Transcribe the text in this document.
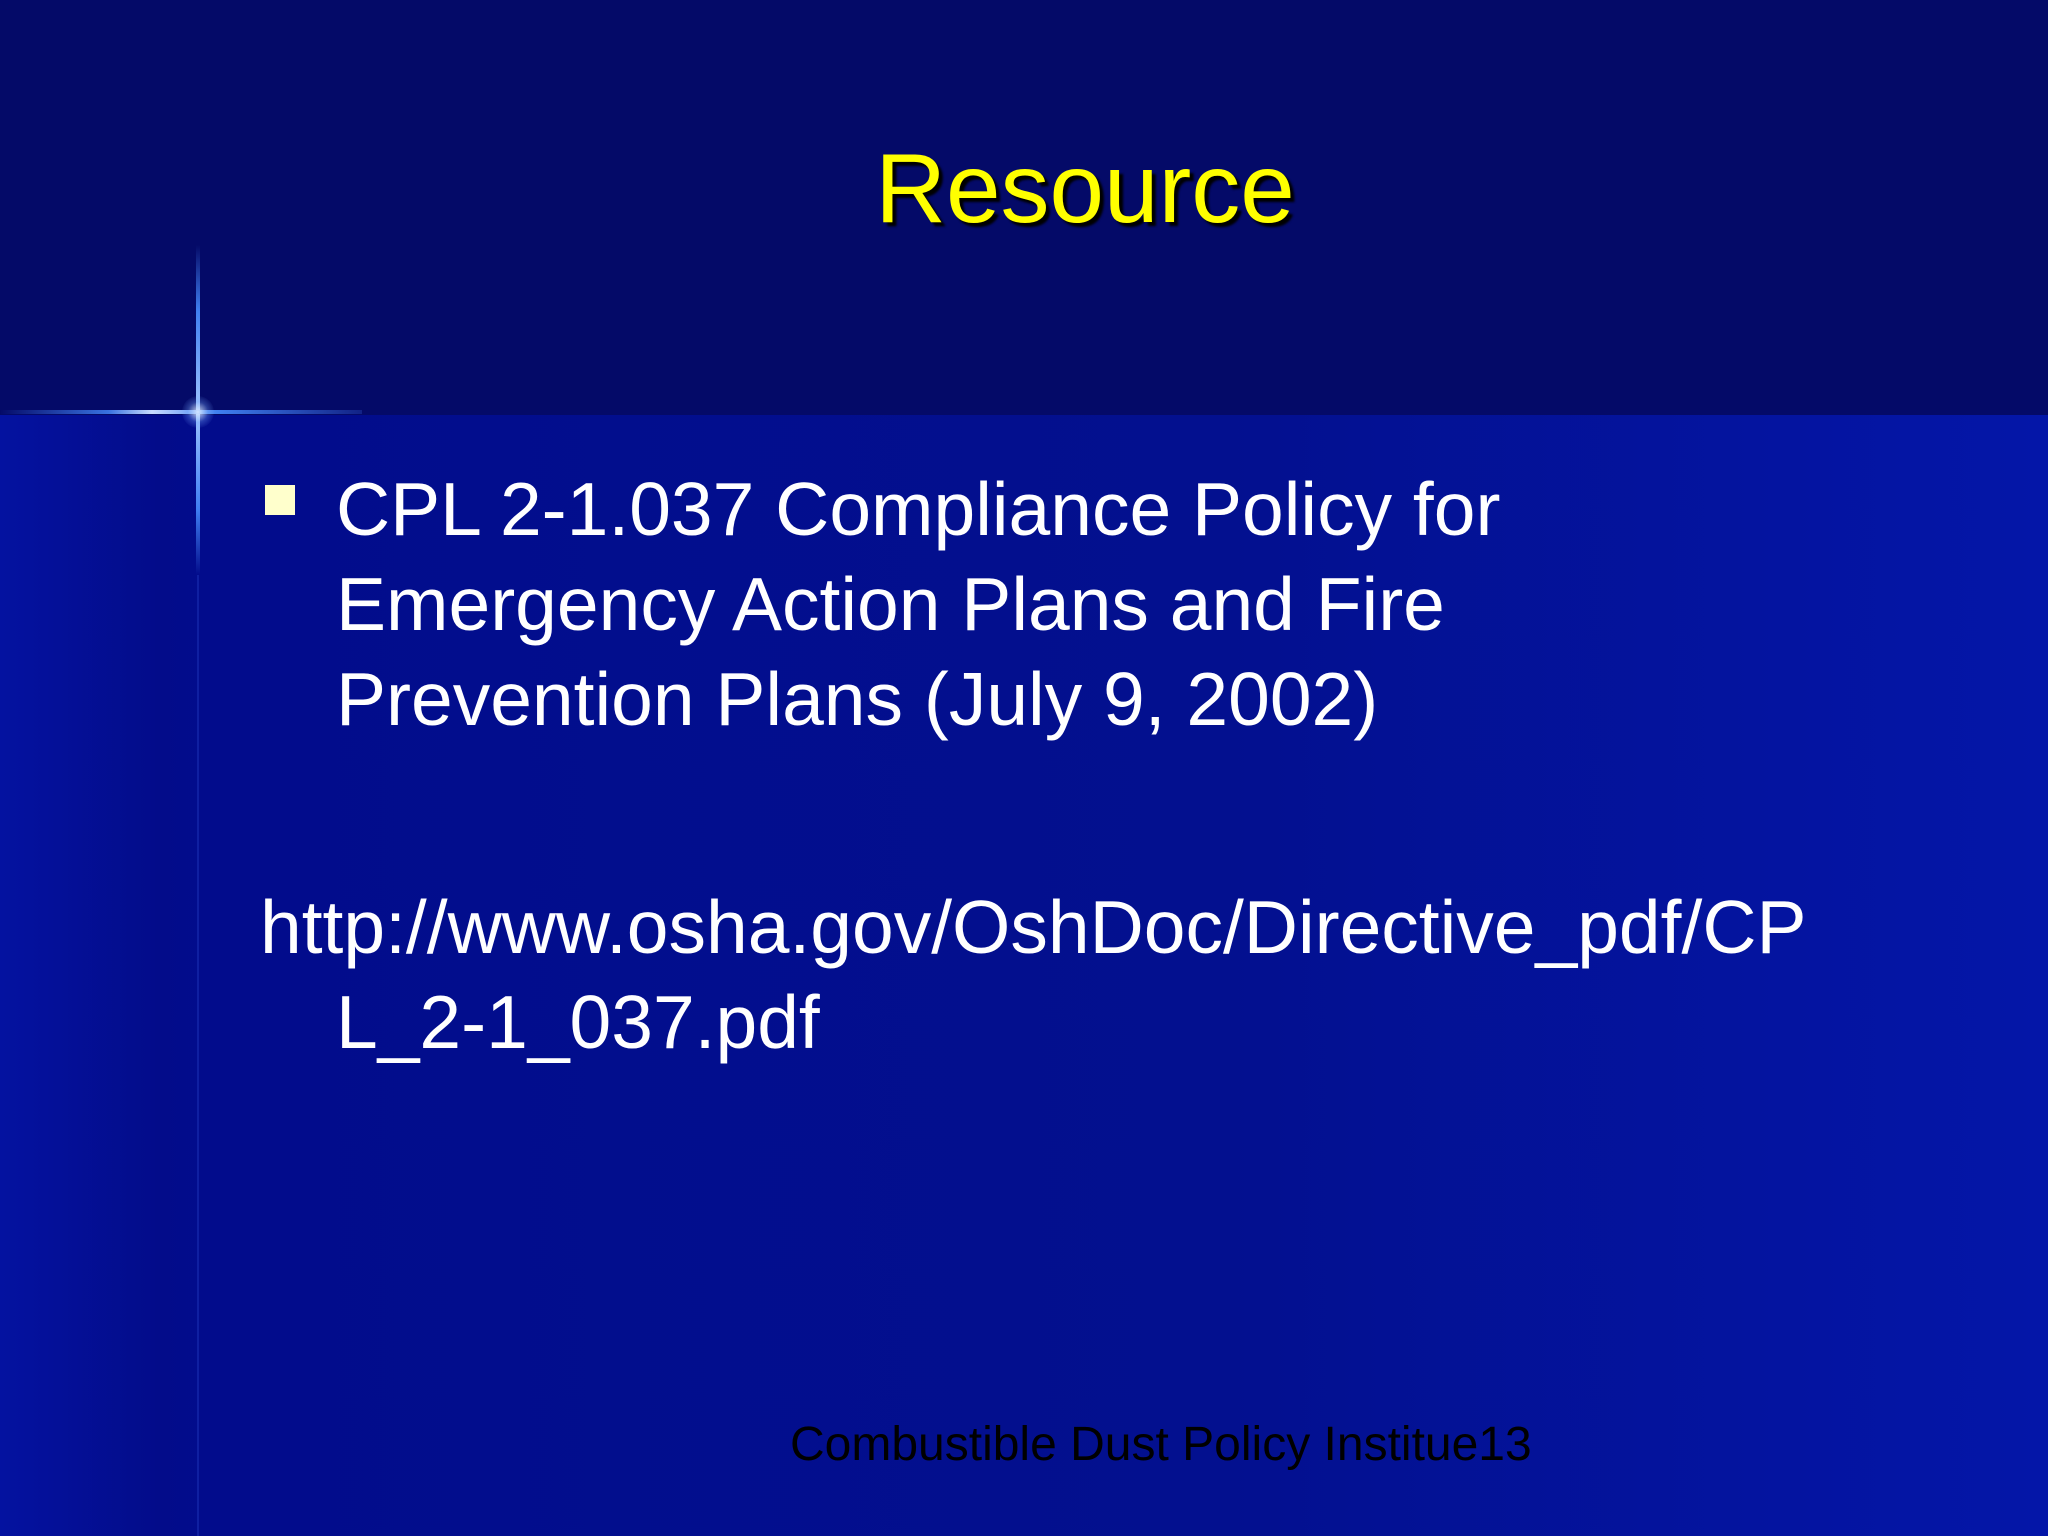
Resource
CPL 2-1.037 Compliance Policy for
Emergency Action Plans and Fire
Prevention Plans (July 9, 2002)
http://www.osha.gov/OshDoc/Directive_pdf/CP
L_2-1_037.pdf
Combustible Dust Policy Institue13
